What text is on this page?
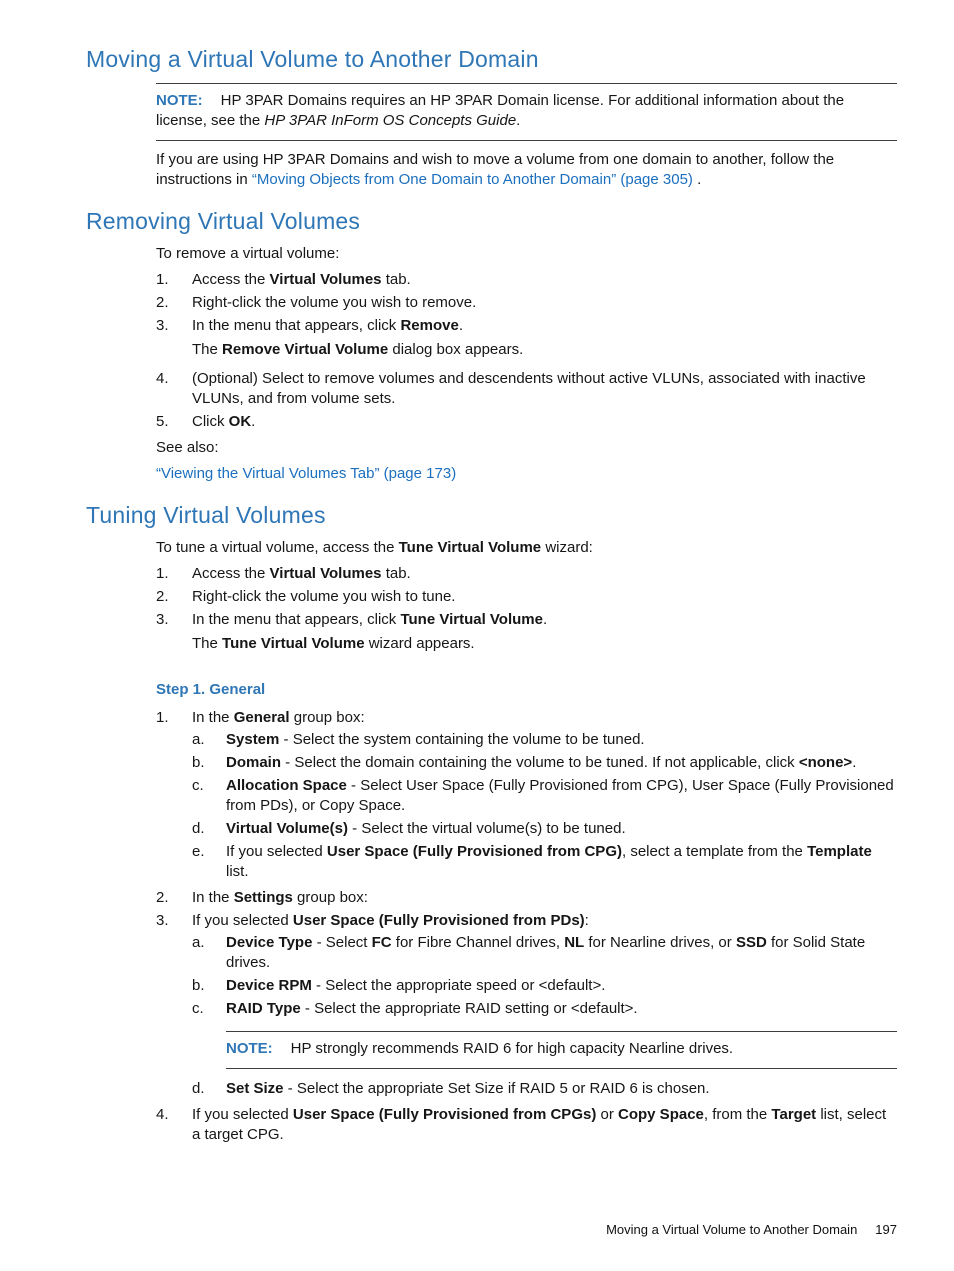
Moving a Virtual Volume to Another Domain
NOTE: HP 3PAR Domains requires an HP 3PAR Domain license. For additional information about the license, see the HP 3PAR InForm OS Concepts Guide.
If you are using HP 3PAR Domains and wish to move a volume from one domain to another, follow the instructions in “Moving Objects from One Domain to Another Domain” (page 305) .
Removing Virtual Volumes
To remove a virtual volume:
1.	Access the Virtual Volumes tab.
2.	Right-click the volume you wish to remove.
3.	In the menu that appears, click Remove.
The Remove Virtual Volume dialog box appears.
4.	(Optional) Select to remove volumes and descendents without active VLUNs, associated with inactive VLUNs, and from volume sets.
5.	Click OK.
See also:
“Viewing the Virtual Volumes Tab” (page 173)
Tuning Virtual Volumes
To tune a virtual volume, access the Tune Virtual Volume wizard:
1.	Access the Virtual Volumes tab.
2.	Right-click the volume you wish to tune.
3.	In the menu that appears, click Tune Virtual Volume.
The Tune Virtual Volume wizard appears.
Step 1. General
1.	In the General group box:
a.	System - Select the system containing the volume to be tuned.
b.	Domain - Select the domain containing the volume to be tuned. If not applicable, click <none>.
c.	Allocation Space - Select User Space (Fully Provisioned from CPG), User Space (Fully Provisioned from PDs), or Copy Space.
d.	Virtual Volume(s) - Select the virtual volume(s) to be tuned.
e.	If you selected User Space (Fully Provisioned from CPG), select a template from the Template list.
2.	In the Settings group box:
3.	If you selected User Space (Fully Provisioned from PDs):
a.	Device Type - Select FC for Fibre Channel drives, NL for Nearline drives, or SSD for Solid State drives.
b.	Device RPM - Select the appropriate speed or <default>.
c.	RAID Type - Select the appropriate RAID setting or <default>.
NOTE: HP strongly recommends RAID 6 for high capacity Nearline drives.
d.	Set Size - Select the appropriate Set Size if RAID 5 or RAID 6 is chosen.
4.	If you selected User Space (Fully Provisioned from CPGs) or Copy Space, from the Target list, select a target CPG.
Moving a Virtual Volume to Another Domain 197
